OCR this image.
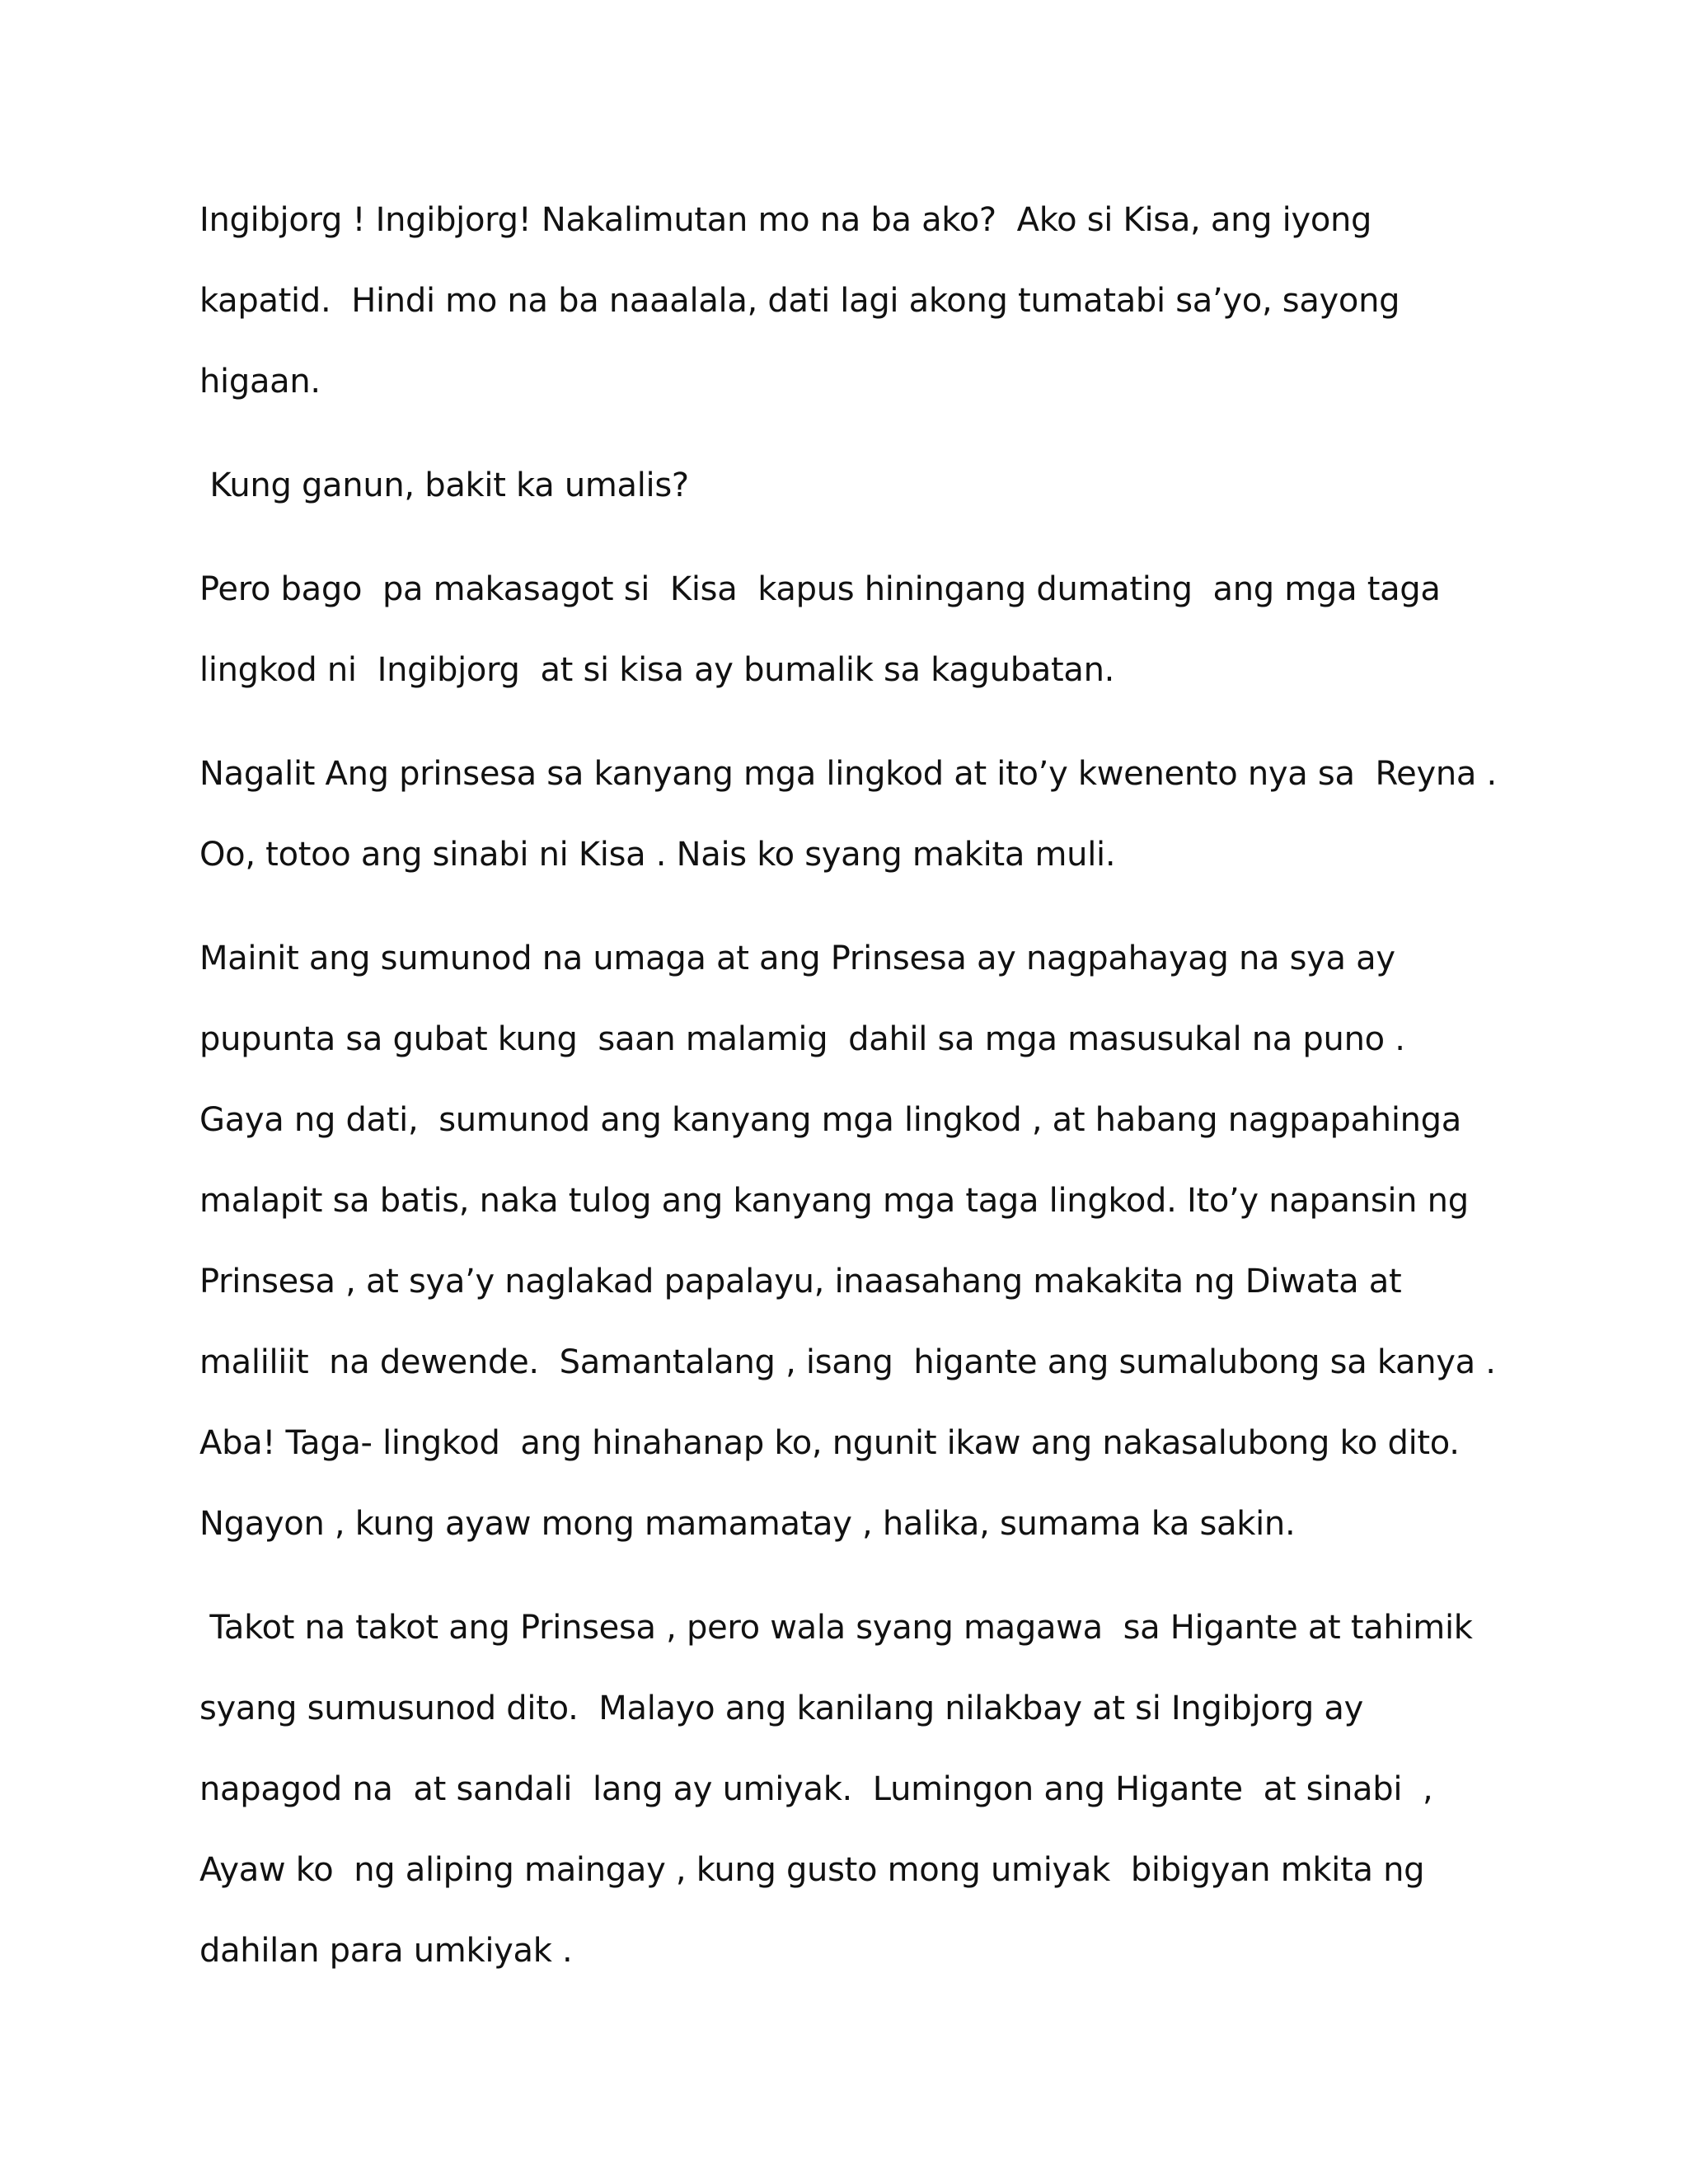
Ingibjorg ! Ingibjorg! Nakalimutan mo na ba ako?  Ako si Kisa, ang iyong
kapatid.  Hindi mo na ba naaalala, dati lagi akong tumatabi sa’yo, sayong
higaan.
Kung ganun, bakit ka umalis?
Pero bago  pa makasagot si  Kisa  kapus hiningang dumating  ang mga taga
lingkod ni  Ingibjorg  at si kisa ay bumalik sa kagubatan.
Nagalit Ang prinsesa sa kanyang mga lingkod at ito’y kwenento nya sa  Reyna .
Oo, totoo ang sinabi ni Kisa . Nais ko syang makita muli.
Mainit ang sumunod na umaga at ang Prinsesa ay nagpahayag na sya ay
pupunta sa gubat kung  saan malamig  dahil sa mga masusukal na puno .
Gaya ng dati,  sumunod ang kanyang mga lingkod , at habang nagpapahinga
malapit sa batis, naka tulog ang kanyang mga taga lingkod. Ito’y napansin ng
Prinsesa , at sya’y naglakad papalayu, inaasahang makakita ng Diwata at
maliliit  na dewende.  Samantalang , isang  higante ang sumalubong sa kanya .
Aba! Taga- lingkod  ang hinahanap ko, ngunit ikaw ang nakasalubong ko dito.
Ngayon , kung ayaw mong mamamatay , halika, sumama ka sakin.
Takot na takot ang Prinsesa , pero wala syang magawa  sa Higante at tahimik
syang sumusunod dito.  Malayo ang kanilang nilakbay at si Ingibjorg ay
napagod na  at sandali  lang ay umiyak.  Lumingon ang Higante  at sinabi  ,
Ayaw ko  ng aliping maingay , kung gusto mong umiyak  bibigyan mkita ng
dahilan para umkiyak .
